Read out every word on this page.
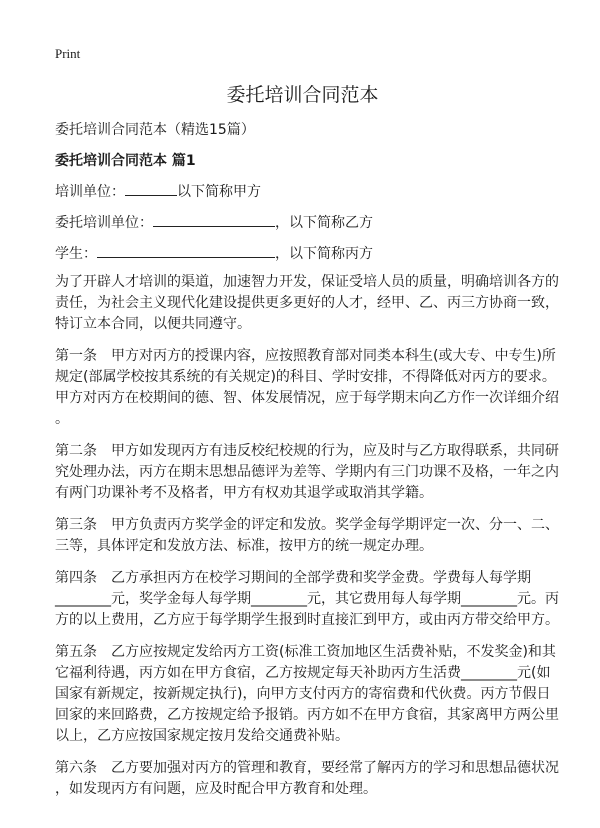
Print
委托培训合同范本
委托培训合同范本（精选15篇）
委托培训合同范本 篇1
培训单位：	以下简称甲方
委托培训单位：	，以下简称乙方
学生：	，以下简称丙方
为了开辟人才培训的渠道，加速智力开发，保证受培人员的质量，明确培训各方的
责任，为社会主义现代化建设提供更多更好的人才，经甲、乙、丙三方协商一致，
特订立本合同，以便共同遵守。
第一条　甲方对丙方的授课内容，应按照教育部对同类本科生(或大专、中专生)所
规定(部属学校按其系统的有关规定)的科目、学时安排，不得降低对丙方的要求。
甲方对丙方在校期间的德、智、体发展情况，应于每学期末向乙方作一次详细介绍
。
第二条　甲方如发现丙方有违反校纪校规的行为，应及时与乙方取得联系，共同研
究处理办法，丙方在期末思想品德评为差等、学期内有三门功课不及格，一年之内
有两门功课补考不及格者，甲方有权劝其退学或取消其学籍。
第三条　甲方负责丙方奖学金的评定和发放。奖学金每学期评定一次、分一、二、
三等，具体评定和发放方法、标准，按甲方的统一规定办理。
第四条　乙方承担丙方在校学习期间的全部学费和奖学金费。学费每人每学期
________元，奖学金每人每学期________元，其它费用每人每学期________元。丙
方的以上费用，乙方应于每学期学生报到时直接汇到甲方，或由丙方带交给甲方。
第五条　乙方应按规定发给丙方工资(标准工资加地区生活费补贴，不发奖金)和其
它福利待遇，丙方如在甲方食宿，乙方按规定每天补助丙方生活费________元(如
国家有新规定，按新规定执行)，向甲方支付丙方的寄宿费和代伙费。丙方节假日
回家的来回路费，乙方按规定给予报销。丙方如不在甲方食宿，其家离甲方两公里
以上，乙方应按国家规定按月发给交通费补贴。
第六条　乙方要加强对丙方的管理和教育，要经常了解丙方的学习和思想品德状况
，如发现丙方有问题，应及时配合甲方教育和处理。
